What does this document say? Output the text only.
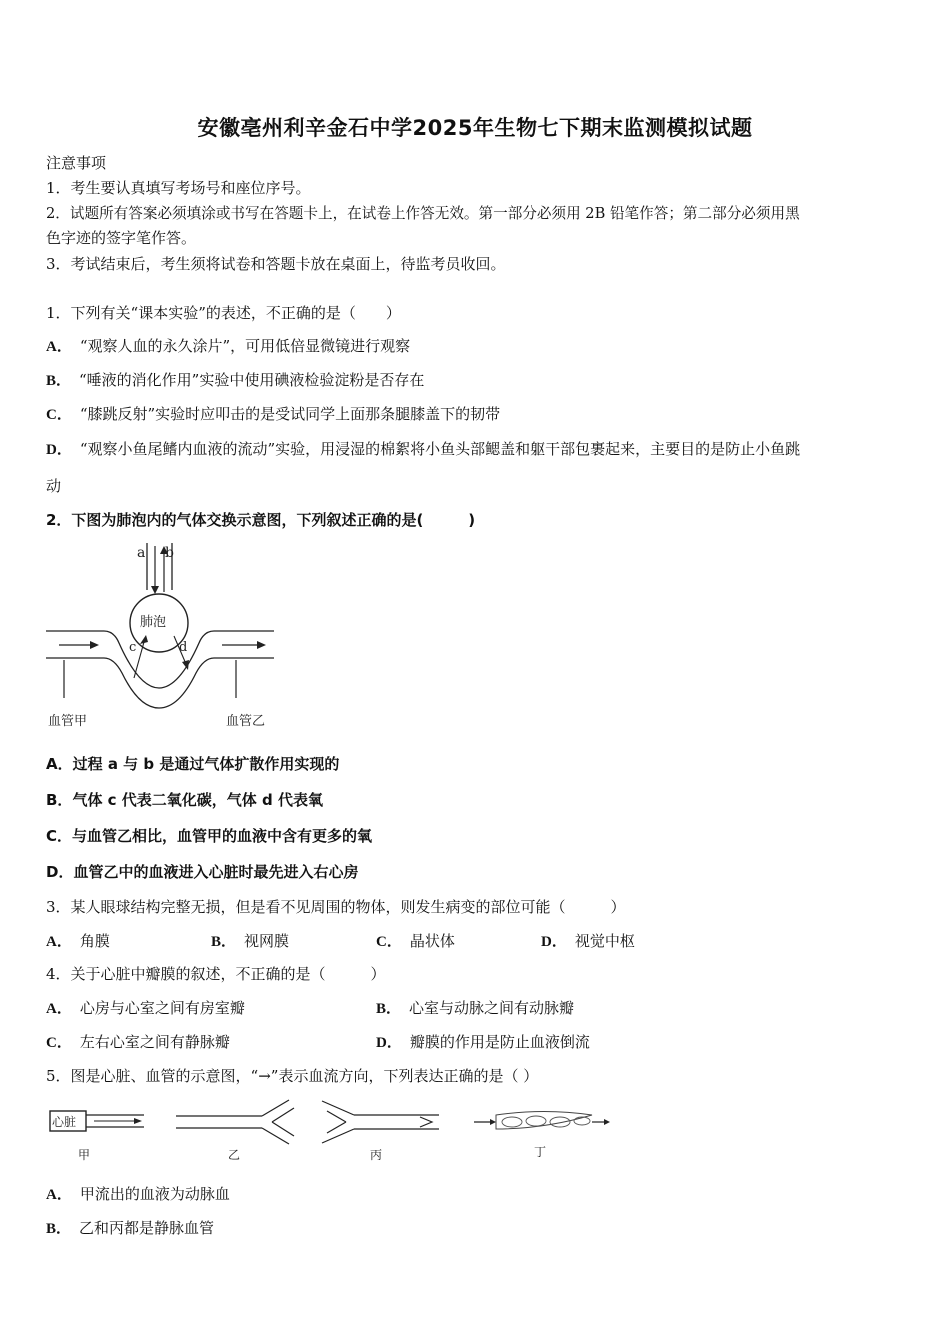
安徽亳州利辛金石中学2025年生物七下期末监测模拟试题
注意事项
1．考生要认真填写考场号和座位序号。
2．试题所有答案必须填涂或书写在答题卡上，在试卷上作答无效。第一部分必须用 2B 铅笔作答；第二部分必须用黑
色字迹的签字笔作答。
3．考试结束后，考生须将试卷和答题卡放在桌面上，待监考员收回。
1．下列有关“课本实验”的表述，不正确的是（　　）
A． “观察人血的永久涂片”，可用低倍显微镜进行观察
B． “唾液的消化作用”实验中使用碘液检验淀粉是否存在
C． “膝跳反射”实验时应叩击的是受试同学上面那条腿膝盖下的韧带
D． “观察小鱼尾鳍内血液的流动”实验，用浸湿的棉絮将小鱼头部鳃盖和躯干部包裹起来，主要目的是防止小鱼跳
动
2．下图为肺泡内的气体交换示意图，下列叙述正确的是(　　　)
a b
肺泡
c	d
血管甲	血管乙
A．过程 a 与 b 是通过气体扩散作用实现的
B．气体 c 代表二氧化碳，气体 d 代表氧
C．与血管乙相比，血管甲的血液中含有更多的氧
D．血管乙中的血液进入心脏时最先进入右心房
3．某人眼球结构完整无损，但是看不见周围的物体，则发生病变的部位可能（　　　）
A． 角膜	B． 视网膜	C． 晶状体	D． 视觉中枢
4．关于心脏中瓣膜的叙述，不正确的是（　　　）
A． 心房与心室之间有房室瓣	B． 心室与动脉之间有动脉瓣
C． 左右心室之间有静脉瓣	D． 瓣膜的作用是防止血液倒流
5．图是心脏、血管的示意图，“→”表示血流方向，下列表达正确的是（ ）
心脏
甲	乙	丙	丁
A． 甲流出的血液为动脉血
B． 乙和丙都是静脉血管
